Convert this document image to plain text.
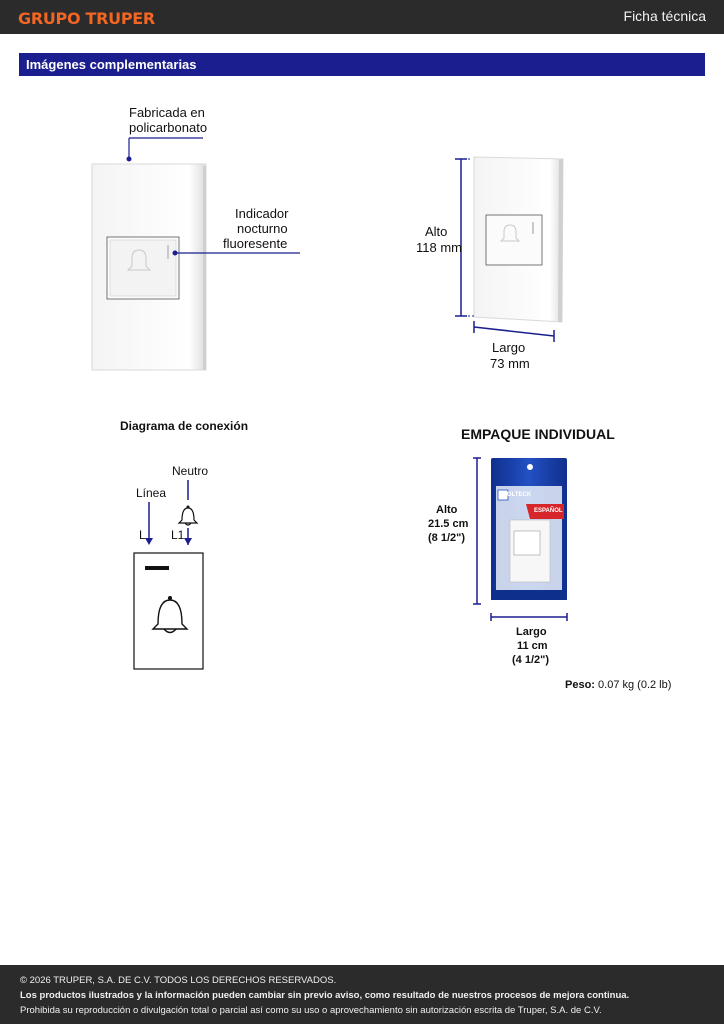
GRUPO TRUPER	Ficha técnica
Imágenes complementarias
Fabricada en
policarbonato
Indicador
nocturno
fluoresente
Alto
118 mm
Largo
73 mm
Diagrama de conexión
Neutro
Línea
L L1
EMPAQUE INDIVIDUAL
VOLTECK
ESPAÑOL
Alto
21.5 cm
(8 1/2")
Largo
11 cm
(4 1/2")
Peso: 0.07 kg (0.2 lb)
© 2026 TRUPER, S.A. DE C.V. TODOS LOS DERECHOS RESERVADOS.
Los productos ilustrados y la información pueden cambiar sin previo aviso, como resultado de nuestros procesos de mejora continua.
Prohibida su reproducción o divulgación total o parcial así como su uso o aprovechamiento sin autorización escrita de Truper, S.A. de C.V.
